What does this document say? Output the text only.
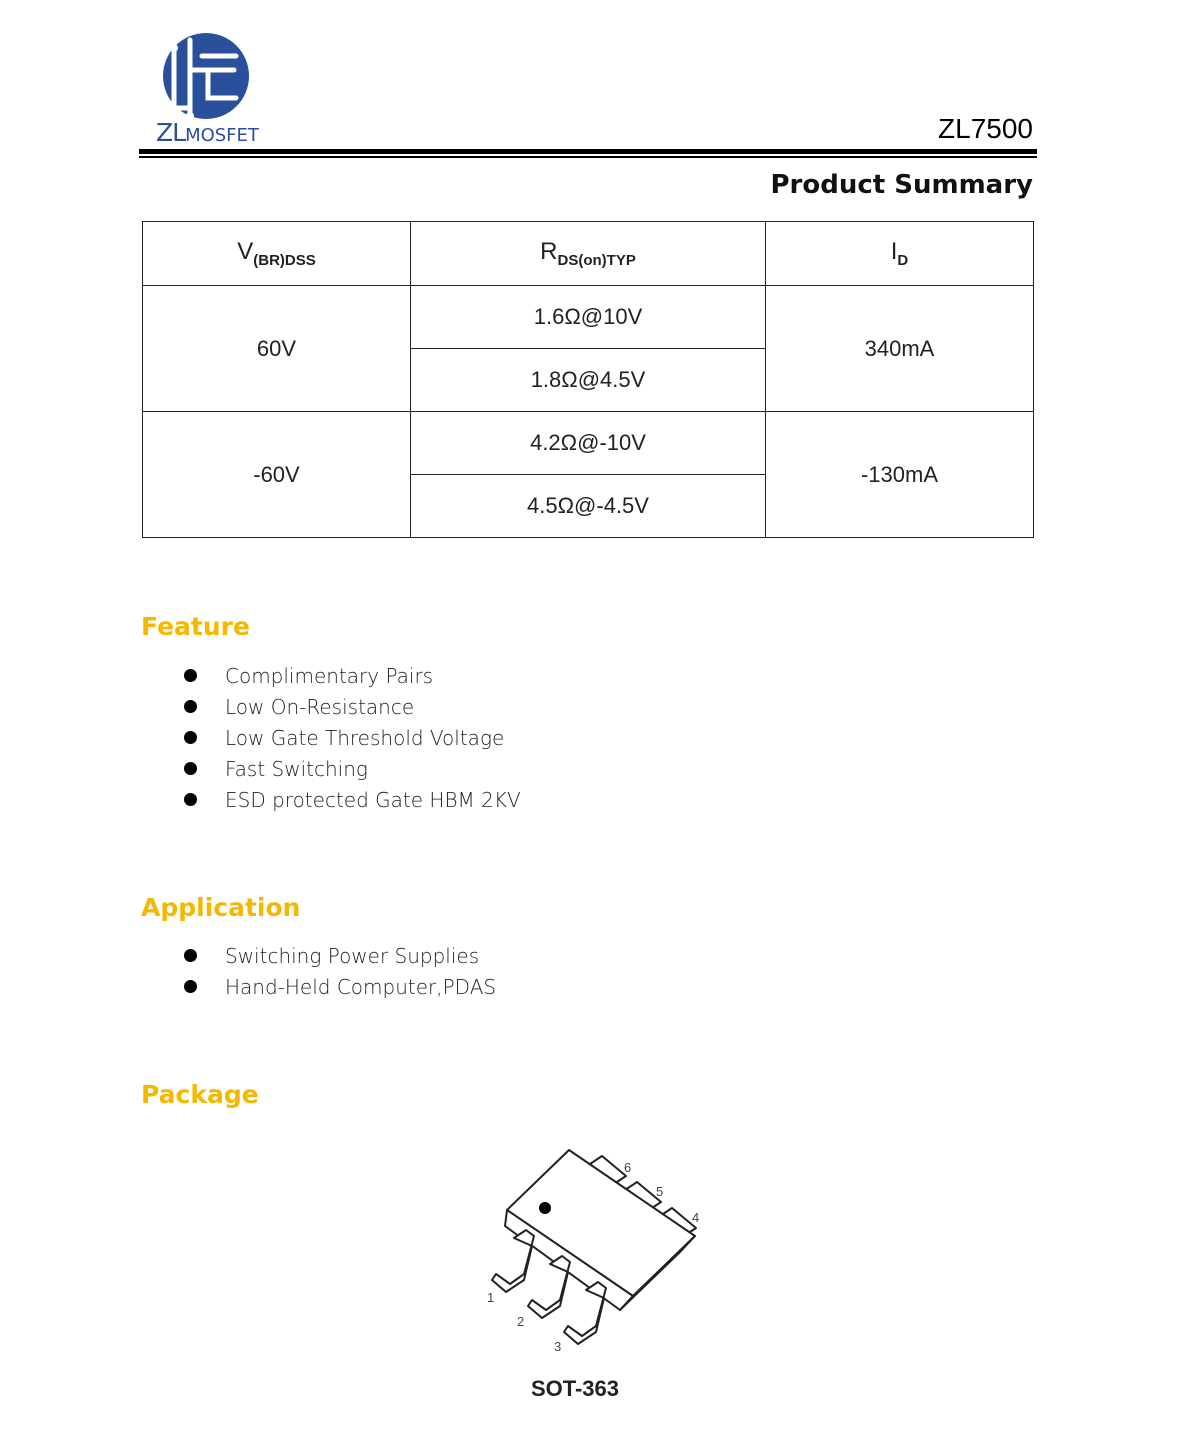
ZLMOSFET	ZL7500
Product Summary
$V_{(BR)DSS}$	$R_{DS(on)TYP}$	$I_D$
60V	1.6Ω@10V	340mA
	1.8Ω@4.5V	
-60V	4.2Ω@-10V	-130mA
	4.5Ω@-4.5V	
Feature
Complimentary Pairs
Low On-Resistance
Low Gate Threshold Voltage
Fast Switching
ESD protected Gate HBM 2KV
Application
Switching Power Supplies
Hand-Held Computer,PDAS
Package
1
2
3
4
5
6
SOT-363
